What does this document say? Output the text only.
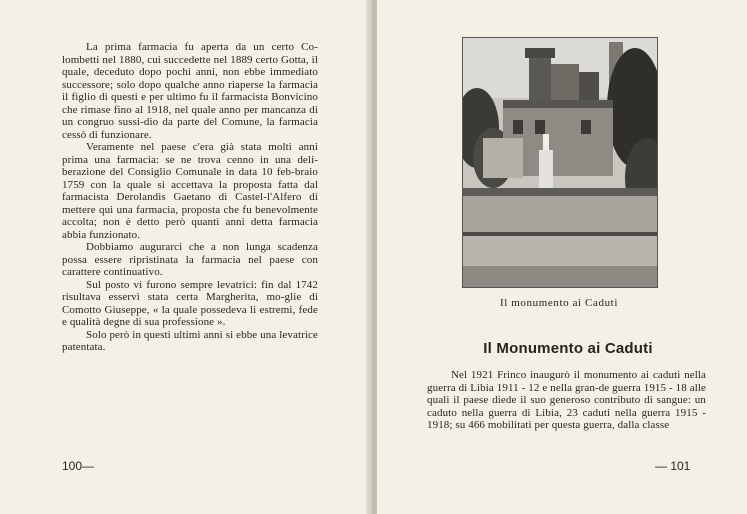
La prima farmacia fu aperta da un certo Co-lombetti nel 1880, cui succedette nel 1889 certo Gotta, il quale, deceduto dopo pochi anni, non ebbe immediato successore; solo dopo qualche anno riaperse la farmacia il figlio di questi e per ultimo fu il farmacista Bonvicino che rimase fino al 1918, nel quale anno per mancanza di un congruo sussi-dio da parte del Comune, la farmacia cessò di funzionare.

Veramente nel paese c'era già stata molti anni prima una farmacia: se ne trova cenno in una deli-berazione del Consiglio Comunale in data 10 feb-braio 1759 con la quale si accettava la proposta fatta dal farmacista Derolandis Gaetano di Castel-l'Alfero di mettere qui una farmacia, proposta che fu benevolmente accolta; non è detto però quanti anni detta farmacia abbia funzionato.

Dobbiamo augurarci che a non lunga scadenza possa essere ripristinata la farmacia nel paese con carattere continuativo.

Sul posto vi furono sempre levatrici: fin dal 1742 risultava esservi stata certa Margherita, mo-glie di Comotto Giuseppe, « la quale possedeva li estremi, fede e qualità degne di sua professione ».

Solo però in questi ultimi anni si ebbe una levatrice patentata.

100—
Il monumento ai Caduti
Il Monumento ai Caduti

Nel 1921 Frinco inaugurò il monumento ai caduti nella guerra di Libia 1911 - 12 e nella gran-de guerra 1915 - 18 alle quali il paese diede il suo generoso contributo di sangue: un caduto nella guerra di Libia, 23 caduti nella guerra 1915 - 1918; su 466 mobilitati per questa guerra, dalla classe

— 101
